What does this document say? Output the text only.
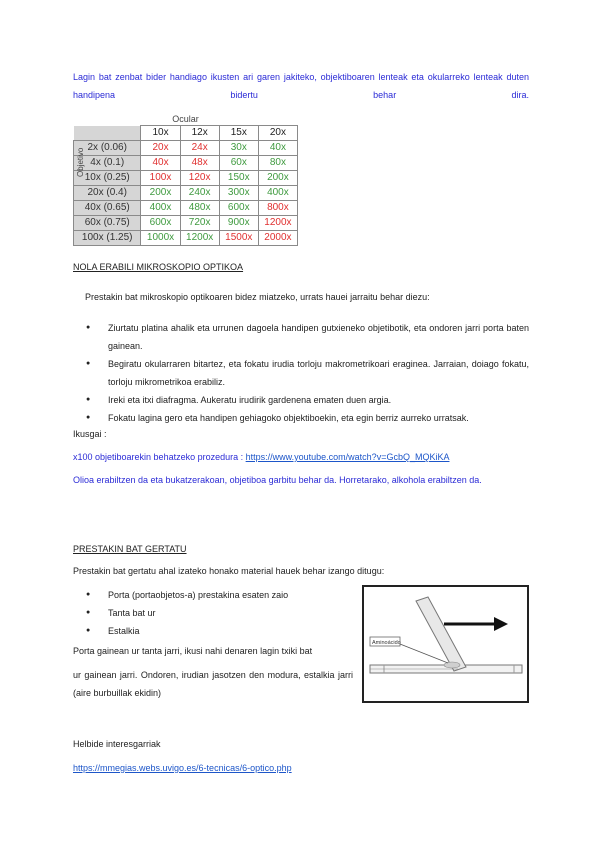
Lagin bat zenbat bider handiago ikusten ari garen jakiteko, objektiboaren lenteak eta okularreko lenteak duten handipena bidertu behar dira.
Ocular				
	10x	12x	15x	20x
2x (0.06)	20x	24x	30x	40x
4x (0.1)	40x	48x	60x	80x
10x (0.25)	100x	120x	150x	200x
20x (0.4)	200x	240x	300x	400x
40x (0.65)	400x	480x	600x	800x
60x (0.75)	600x	720x	900x	1200x
100x (1.25)	1000x	1200x	1500x	2000x
Objetivo
NOLA ERABILI MIKROSKOPIO OPTIKOA
Prestakin bat mikroskopio optikoaren bidez miatzeko, urrats hauei jarraitu behar diezu:
● Ziurtatu platina ahalik eta urrunen dagoela handipen gutxieneko objetibotik, eta ondoren jarri porta baten gainean.
● Begiratu okularraren bitartez, eta fokatu irudia torloju makrometrikoari eraginea. Jarraian, doiago fokatu, torloju mikrometrikoa erabiliz.
● Ireki eta itxi diafragma. Aukeratu irudirik gardenena ematen duen argia.
● Fokatu lagina gero eta handipen gehiagoko objektiboekin, eta egin berriz aurreko urratsak.
Ikusgai :
x100 objetiboarekin behatzeko prozedura : https://www.youtube.com/watch?v=GcbQ_MQKiKA
Olioa erabiltzen da eta bukatzerakoan, objetiboa garbitu behar da. Horretarako, alkohola erabiltzen da.
PRESTAKIN BAT GERTATU
Prestakin bat gertatu ahal izateko honako material hauek behar izango ditugu:
● Porta (portaobjetos-a) prestakina esaten zaio
● Tanta bat ur
● Estalkia
Porta gainean ur tanta jarri, ikusi nahi denaren lagin txiki bat
ur gainean jarri. Ondoren, irudian jasotzen den modura, estalkia jarri (aire burbuillak ekidin)
Aminoácido
Helbide interesgarriak
https://mmegias.webs.uvigo.es/6-tecnicas/6-optico.php
